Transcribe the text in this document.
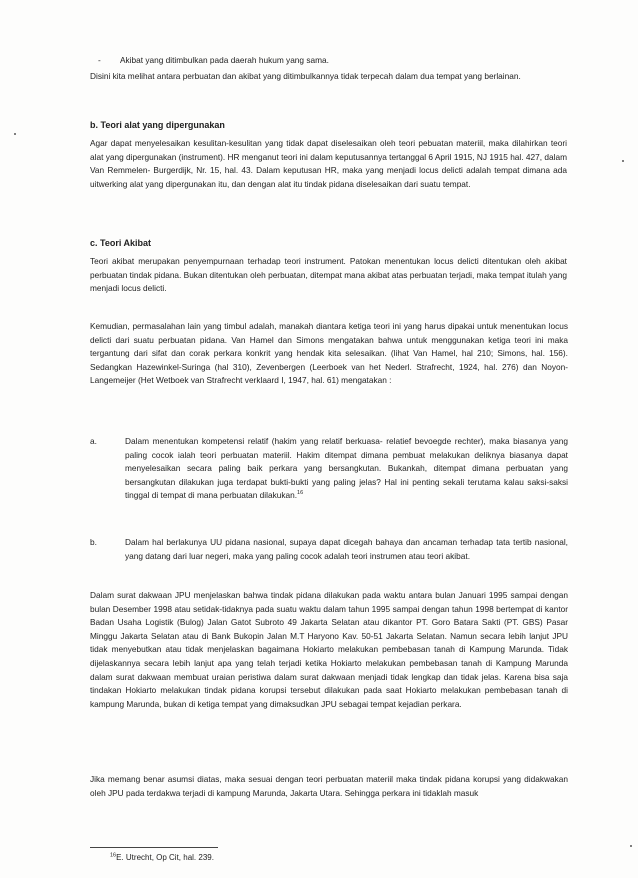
- Akibat yang ditimbulkan pada daerah hukum yang sama.

Disini kita melihat antara perbuatan dan akibat yang ditimbulkannya tidak terpecah dalam dua tempat yang berlainan.

b. Teori alat yang dipergunakan

Agar dapat menyelesaikan kesulitan-kesulitan yang tidak dapat diselesaikan oleh teori pebuatan materiil, maka dilahirkan teori alat yang dipergunakan (instrument). HR menganut teori ini dalam keputusannya tertanggal 6 April 1915, NJ 1915 hal. 427, dalam Van Remmelen- Burgerdijk, Nr. 15, hal. 43. Dalam keputusan HR, maka yang menjadi locus delicti adalah tempat dimana ada uitwerking alat yang dipergunakan itu, dan dengan alat itu tindak pidana diselesaikan dari suatu tempat.

c. Teori Akibat

Teori akibat merupakan penyempurnaan terhadap teori instrument. Patokan menentukan locus delicti ditentukan oleh akibat perbuatan tindak pidana. Bukan ditentukan oleh perbuatan, ditempat mana akibat atas perbuatan terjadi, maka tempat itulah yang menjadi locus delicti.

Kemudian, permasalahan lain yang timbul adalah, manakah diantara ketiga teori ini yang harus dipakai untuk menentukan locus delicti dari suatu perbuatan pidana. Van Hamel dan Simons mengatakan bahwa untuk menggunakan ketiga teori ini maka tergantung dari sifat dan corak perkara konkrit yang hendak kita selesaikan. (lihat Van Hamel, hal 210; Simons, hal. 156). Sedangkan Hazewinkel-Suringa (hal 310), Zevenbergen (Leerboek van het Nederl. Strafrecht, 1924, hal. 276) dan Noyon- Langemeijer (Het Wetboek van Strafrecht verklaard I, 1947, hal. 61) mengatakan :

a.	Dalam menentukan kompetensi relatif (hakim yang relatif berkuasa- relatief bevoegde rechter), maka biasanya yang paling cocok ialah teori perbuatan materiil. Hakim ditempat dimana pembuat melakukan deliknya biasanya dapat menyelesaikan secara paling baik perkara yang bersangkutan. Bukankah, ditempat dimana perbuatan yang bersangkutan dilakukan juga terdapat bukti-bukti yang paling jelas? Hal ini penting sekali terutama kalau saksi-saksi tinggal di tempat di mana perbuatan dilakukan.$^{16}$

b.	Dalam hal berlakunya UU pidana nasional, supaya dapat dicegah bahaya dan ancaman terhadap tata tertib nasional, yang datang dari luar negeri, maka yang paling cocok adalah teori instrumen atau teori akibat.

Dalam surat dakwaan JPU menjelaskan bahwa tindak pidana dilakukan pada waktu antara bulan Januari 1995 sampai dengan bulan Desember 1998 atau setidak-tidaknya pada suatu waktu dalam tahun 1995 sampai dengan tahun 1998 bertempat di kantor Badan Usaha Logistik (Bulog) Jalan Gatot Subroto 49 Jakarta Selatan atau dikantor PT. Goro Batara Sakti (PT. GBS) Pasar Minggu Jakarta Selatan atau di Bank Bukopin Jalan M.T Haryono Kav. 50-51 Jakarta Selatan. Namun secara lebih lanjut JPU tidak menyebutkan atau tidak menjelaskan bagaimana Hokiarto melakukan pembebasan tanah di Kampung Marunda. Tidak dijelaskannya secara lebih lanjut apa yang telah terjadi ketika Hokiarto melakukan pembebasan tanah di Kampung Marunda dalam surat dakwaan membuat uraian peristiwa dalam surat dakwaan menjadi tidak lengkap dan tidak jelas. Karena bisa saja tindakan Hokiarto melakukan tindak pidana korupsi tersebut dilakukan pada saat Hokiarto melakukan pembebasan tanah di kampung Marunda, bukan di ketiga tempat yang dimaksudkan JPU sebagai tempat kejadian perkara.

Jika memang benar asumsi diatas, maka sesuai dengan teori perbuatan materiil maka tindak pidana korupsi yang didakwakan oleh JPU pada terdakwa terjadi di kampung Marunda, Jakarta Utara. Sehingga perkara ini tidaklah masuk

$^{16}$E. Utrecht, Op Cit, hal. 239.
